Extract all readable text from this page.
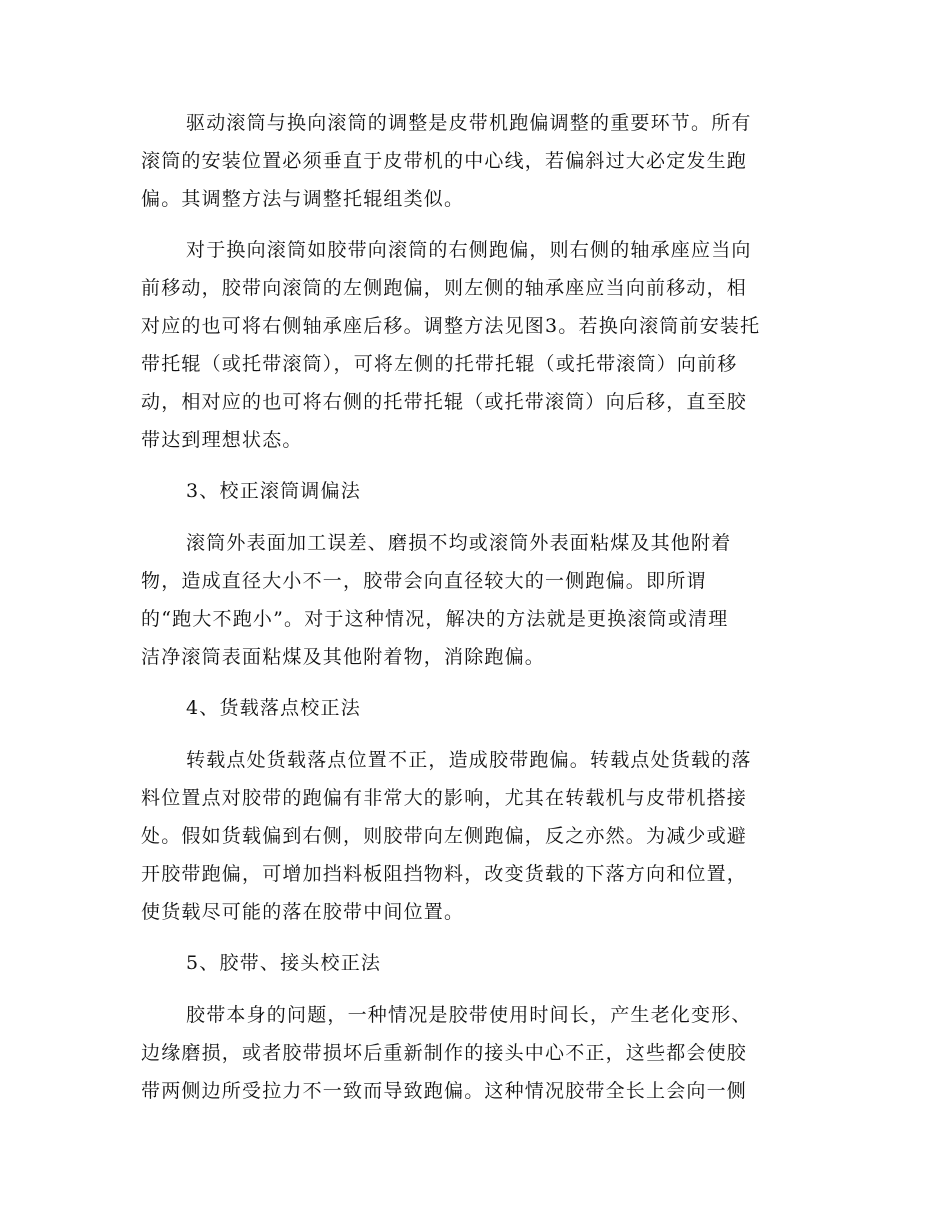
驱动滚筒与换向滚筒的调整是皮带机跑偏调整的重要环节。所有
滚筒的安装位置必须垂直于皮带机的中心线，若偏斜过大必定发生跑
偏。其调整方法与调整托辊组类似。
对于换向滚筒如胶带向滚筒的右侧跑偏，则右侧的轴承座应当向
前移动，胶带向滚筒的左侧跑偏，则左侧的轴承座应当向前移动，相
对应的也可将右侧轴承座后移。调整方法见图3。若换向滚筒前安装托
带托辊（或托带滚筒），可将左侧的托带托辊（或托带滚筒）向前移
动，相对应的也可将右侧的托带托辊（或托带滚筒）向后移，直至胶
带达到理想状态。
3、校正滚筒调偏法
滚筒外表面加工误差、磨损不均或滚筒外表面粘煤及其他附着
物，造成直径大小不一，胶带会向直径较大的一侧跑偏。即所谓
的“跑大不跑小”。对于这种情况，解决的方法就是更换滚筒或清理
洁净滚筒表面粘煤及其他附着物，消除跑偏。
4、货载落点校正法
转载点处货载落点位置不正，造成胶带跑偏。转载点处货载的落
料位置点对胶带的跑偏有非常大的影响，尤其在转载机与皮带机搭接
处。假如货载偏到右侧，则胶带向左侧跑偏，反之亦然。为减少或避
开胶带跑偏，可增加挡料板阻挡物料，改变货载的下落方向和位置，
使货载尽可能的落在胶带中间位置。
5、胶带、接头校正法
胶带本身的问题，一种情况是胶带使用时间长，产生老化变形、
边缘磨损，或者胶带损坏后重新制作的接头中心不正，这些都会使胶
带两侧边所受拉力不一致而导致跑偏。这种情况胶带全长上会向一侧
